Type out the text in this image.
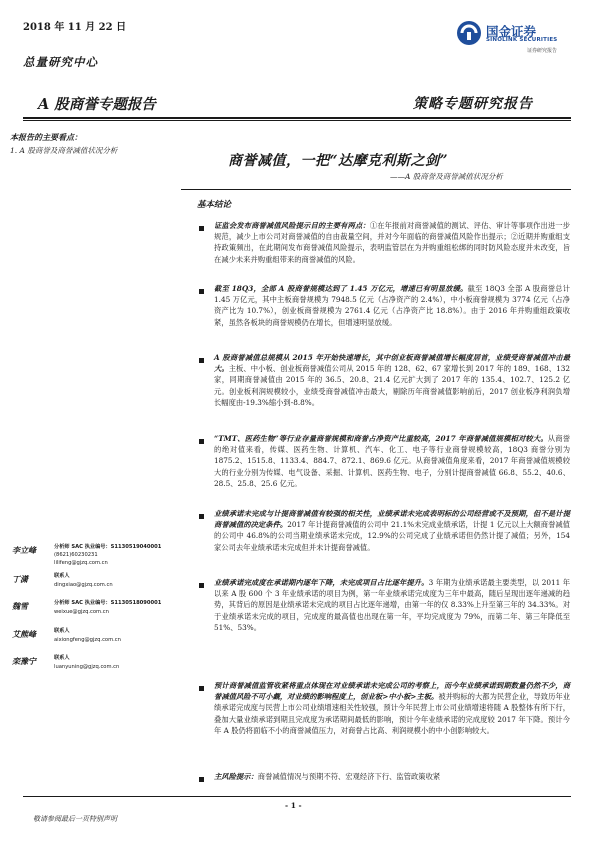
2018 年 11 月 22 日
总量研究中心
A 股商誉专题报告	策略专题研究报告
国金证券
SINOLINK SECURITIES
证券研究报告
本报告的主要看点：
1. A 股商誉及商誉减值状况分析
商誉减值，一把“达摩克利斯之剑”
——A 股商誉及商誉减值状况分析
基本结论

证监会发布商誉减值风险提示目的主要有两点：①在年报前对商誉减值的测试、评估、审计等事项作出进一步规范，减少上市公司对商誉减值的自由裁量空间，并对今年面临的商誉减值风险作出提示；②近期并购重组支持政策频出，在此期间发布商誉减值风险提示，表明监管层在为并购重组松绑的同时防风险态度并未改变，旨在减少未来并购重组带来的商誉减值的风险。

截至 18Q3，全部 A 股商誉规模达到了 1.45 万亿元，增速已有明显放缓。截至 18Q3 全部 A 股商誉总计 1.45 万亿元，其中主板商誉规模为 7948.5 亿元（占净资产的 2.4%），中小板商誉规模为 3774 亿元（占净资产比为 10.7%），创业板商誉规模为 2761.4 亿元（占净资产比 18.8%）。由于 2016 年并购重组政策收紧，虽然各板块的商誉规模仍在增长，但增速明显放缓。

A 股商誉减值总规模从 2015 年开始快速增长，其中创业板商誉减值增长幅度居首，业绩受商誉减值冲击最大。主板、中小板、创业板商誉减值公司从 2015 年的 128、62、67 家增长到 2017 年的 189、168、132 家，同期商誉减值由 2015 年的 36.5、20.8、21.4 亿元扩大到了 2017 年的 135.4、102.7、125.2 亿元。创业板利润规模较小，业绩受商誉减值冲击最大，剔除历年商誉减值影响前后，2017 创业板净利润负增长幅度由-19.3%缩小到-8.8%。

“TMT、医药生物”等行业存量商誉规模和商誉占净资产比重较高，2017 年商誉减值规模相对较大。从商誉的绝对值来看，传媒、医药生物、计算机、汽车、化工、电子等行业商誉规模较高，18Q3 商誉分别为 1875.2、1515.8、1133.4、884.7、872.1、869.6 亿元。从商誉减值角度来看，2017 年商誉减值规模较大的行业分别为传媒、电气设备、采掘、计算机、医药生物、电子，分别计提商誉减值 66.8、55.2、40.6、28.5、25.8、25.6 亿元。

业绩承诺未完成与计提商誉减值有较强的相关性，业绩承诺未完成表明标的公司经营或不及预期，但不是计提商誉减值的决定条件。2017 年计提商誉减值的公司中 21.1%未完成业绩承诺，计提 1 亿元以上大额商誉减值的公司中 46.8%的公司当期业绩承诺未完成，12.9%的公司完成了业绩承诺但仍然计提了减值；另外，154 家公司去年业绩承诺未完成但并未计提商誉减值。

业绩承诺完成度在承诺期内逐年下降，未完成项目占比逐年提升。3 年期为业绩承诺最主要类型，以 2011 年以来 A 股 600 个 3 年业绩承诺的项目为例，第一年业绩承诺完成度为三年中最高，随后呈现出逐年递减的趋势，其背后的原因是业绩承诺未完成的项目占比逐年递增，由第一年的仅 8.33%上升至第三年的 34.33%。对于业绩承诺未完成的项目，完成度的最高值也出现在第一年，平均完成度为 79%，而第二年、第三年降低至 51%、53%。

预计商誉减值监管收紧将重点体现在对业绩承诺未完成公司的考察上，而今年业绩承诺到期数量仍然不少，商誉减值风险不可小觑，对业绩的影响程度上，创业板>中小板>主板。被并购标的大都为民营企业，导致历年业绩承诺完成度与民营上市公司业绩增速相关性较强，预计今年民营上市公司业绩增速将随 A 股整体有所下行，叠加大量业绩承诺到期且完成度为承诺期间最低的影响，预计今年业绩承诺的完成度较 2017 年下降。预计今年 A 股仍将面临不小的商誉减值压力，对商誉占比高、利润规模小的中小创影响较大。

主风险提示：商誉减值情况与预期不符、宏观经济下行、监管政策收紧

李立峰	分析师 SAC 执业编号：S1130519040001
(8621)60230231
lilifeng@gjzq.com.cn
丁潇	联系人
dingxiao@gjzq.com.cn
魏雪	分析师 SAC 执业编号：S1130518090001
weixue@gjzq.com.cn
艾熊峰	联系人
aixiongfeng@gjzq.com.cn
栾豫宁	联系人
luanyuning@gjzq.com.cn
- 1 -
敬请参阅最后一页特别声明
